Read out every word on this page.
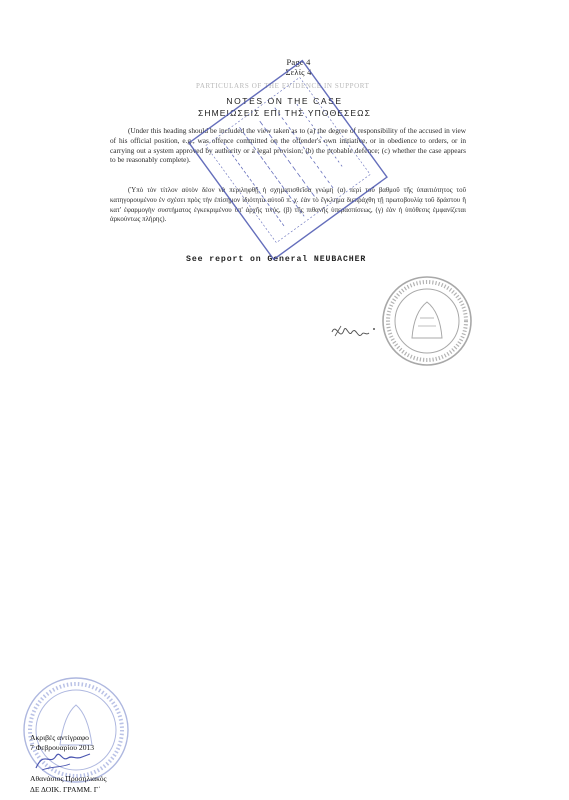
Page 4
Σελίς 4
PARTICULARS OF THE EVIDENCE IN SUPPORT
NOTES ON THE CASE
ΣΗΜΕΙΩΣΕΙΣ ΕΠΙ ΤΗΣ ΥΠΟΘΕΣΕΩΣ
(Under this heading should be included the view taken as to (a) the degree of responsibility of the accused in view of his official position, e.g., was offence committed on the offender's own initiative, or in obedience to orders, or in carrying out a system approved by authority or a legal provision; (b) the probable defence; (c) whether the case appears to be reasonably complete).
(Ὑπὸ τὸν τίτλον αὐτὸν δέον νὰ περιληφθῇ ἡ σχηματισθεῖσα γνώμη (α) περὶ τοῦ βαθμοῦ τῆς ὑπαιτιότητος τοῦ κατηγορουμένου ἐν σχέσει πρὸς τὴν ἐπίσημον ἰδιότητα αὐτοῦ π. χ. ἐὰν τὸ ἔγκλημα διεπράχθη τῇ πρωτοβουλίᾳ τοῦ δράστου ἢ κατ' ἐφαρμογὴν συστήματος ἐγκεκριμένου ὑπ' ἀρχῆς τινός, (β) τῆς πιθανῆς ὑπερασπίσεως, (γ) ἐὰν ἡ ὑπόθεσις ἐμφανίζεται ἀρκούντως πλήρης).
See report on General NEUBACHER
Ακριβές αντίγραφο
7 Φεβρουαρίου 2013
Αθανάσιος Προσηλιακός
ΔΕ ΔΟΙΚ. ΓΡΑΜΜ. Γ΄
